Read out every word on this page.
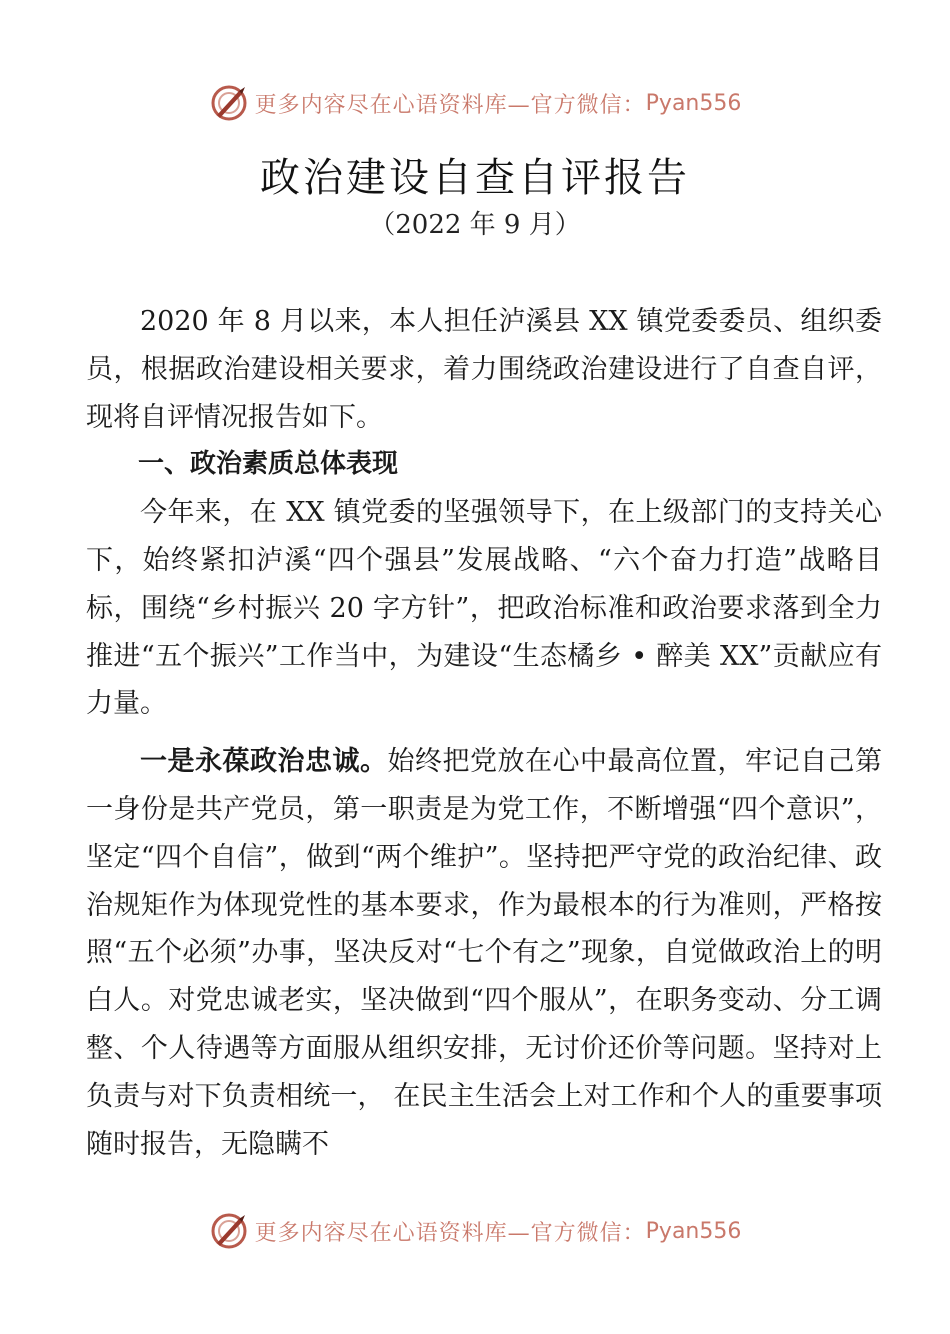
更多内容尽在心语资料库—官方微信： Pyan556
政治建设自查自评报告
（2022 年 9 月）

2020 年 8 月以来，本人担任泸溪县 XX 镇党委委员、组织委员，根据政治建设相关要求，着力围绕政治建设进行了自查自评，现将自评情况报告如下。

一、政治素质总体表现

今年来，在 XX 镇党委的坚强领导下，在上级部门的支持关心下，始终紧扣泸溪“四个强县”发展战略、“六个奋力打造”战略目标，围绕“乡村振兴 20 字方针”，把政治标准和政治要求落到全力推进“五个振兴”工作当中，为建设“生态橘乡 • 醉美 XX”贡献应有力量。

一是永葆政治忠诚。始终把党放在心中最高位置，牢记自己第一身份是共产党员，第一职责是为党工作，不断增强“四个意识”，坚定“四个自信”，做到“两个维护”。坚持把严守党的政治纪律、政治规矩作为体现党性的基本要求，作为最根本的行为准则，严格按照“五个必须”办事，坚决反对“七个有之”现象，自觉做政治上的明白人。对党忠诚老实，坚决做到“四个服从”，在职务变动、分工调整、个人待遇等方面服从组织安排，无讨价还价等问题。坚持对上负责与对下负责相统一， 在民主生活会上对工作和个人的重要事项随时报告，无隐瞒不

更多内容尽在心语资料库—官方微信： Pyan556
